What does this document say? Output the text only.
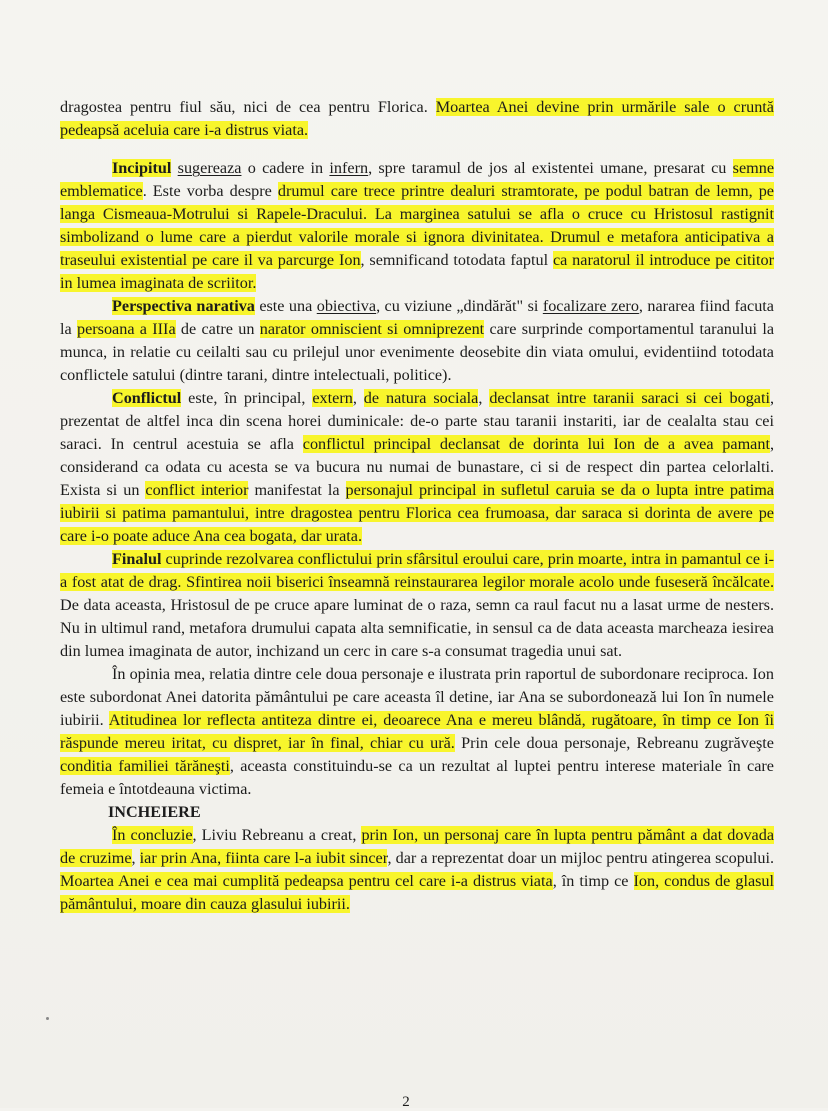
dragostea pentru fiul său, nici de cea pentru Florica. Moartea Anei devine prin urmările sale o cruntă pedeapsă aceluia care i-a distrus viata.

Incipitul sugereaza o cadere in infern, spre taramul de jos al existentei umane, presarat cu semne emblematice. Este vorba despre drumul care trece printre dealuri stramtorate, pe podul batran de lemn, pe langa Cismeaua-Motrului si Rapele-Dracului. La marginea satului se afla o cruce cu Hristosul rastignit simbolizand o lume care a pierdut valorile morale si ignora divinitatea. Drumul e metafora anticipativa a traseului existential pe care il va parcurge Ion, semnificand totodata faptul ca naratorul il introduce pe cititor in lumea imaginata de scriitor.

Perspectiva narativa este una obiectiva, cu viziune „dindărăt" si focalizare zero, nararea fiind facuta la persoana a IIIa de catre un narator omniscient si omniprezent care surprinde comportamentul taranului la munca, in relatie cu ceilalti sau cu prilejul unor evenimente deosebite din viata omului, evidentiind totodata conflictele satului (dintre tarani, dintre intelectuali, politice).

Conflictul este, în principal, extern, de natura sociala, declansat intre taranii saraci si cei bogati, prezentat de altfel inca din scena horei duminicale: de-o parte stau taranii instariti, iar de cealalta stau cei saraci. In centrul acestuia se afla conflictul principal declansat de dorinta lui Ion de a avea pamant, considerand ca odata cu acesta se va bucura nu numai de bunastare, ci si de respect din partea celorlalti. Exista si un conflict interior manifestat la personajul principal in sufletul caruia se da o lupta intre patima iubirii si patima pamantului, intre dragostea pentru Florica cea frumoasa, dar saraca si dorinta de avere pe care i-o poate aduce Ana cea bogata, dar urata.

Finalul cuprinde rezolvarea conflictului prin sfârsitul eroului care, prin moarte, intra in pamantul ce i-a fost atat de drag. Sfintirea noii biserici înseamnă reinstaurarea legilor morale acolo unde fuseseră încălcate. De data aceasta, Hristosul de pe cruce apare luminat de o raza, semn ca raul facut nu a lasat urme de nesters. Nu in ultimul rand, metafora drumului capata alta semnificatie, in sensul ca de data aceasta marcheaza iesirea din lumea imaginata de autor, inchizand un cerc in care s-a consumat tragedia unui sat.

În opinia mea, relatia dintre cele doua personaje e ilustrata prin raportul de subordonare reciproca. Ion este subordonat Anei datorita pământului pe care aceasta îl detine, iar Ana se subordonează lui Ion în numele iubirii. Atitudinea lor reflecta antiteza dintre ei, deoarece Ana e mereu blândă, rugătoare, în timp ce Ion îi răspunde mereu iritat, cu dispret, iar în final, chiar cu ură. Prin cele doua personaje, Rebreanu zugrăveşte conditia familiei tărăneşti, aceasta constituindu-se ca un rezultat al luptei pentru interese materiale în care femeia e întotdeauna victima.

INCHEIERE

În concluzie, Liviu Rebreanu a creat, prin Ion, un personaj care în lupta pentru pământ a dat dovada de cruzime, iar prin Ana, fiinta care l-a iubit sincer, dar a reprezentat doar un mijloc pentru atingerea scopului. Moartea Anei e cea mai cumplită pedeapsa pentru cel care i-a distrus viata, în timp ce Ion, condus de glasul pământului, moare din cauza glasului iubirii.

2
